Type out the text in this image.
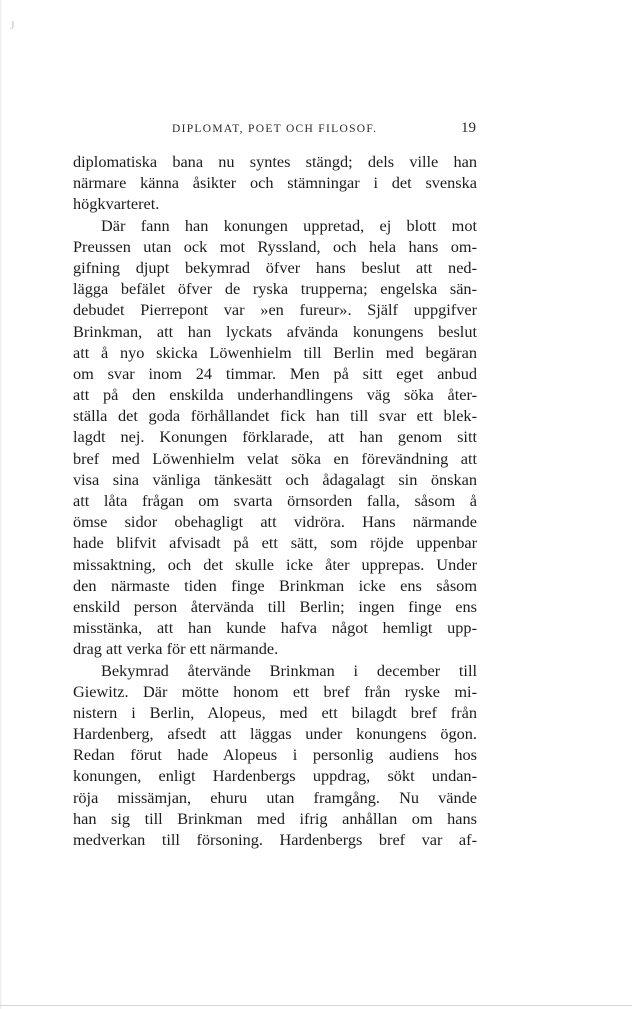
J
DIPLOMAT, POET OCH FILOSOF.	19
diplomatiska bana nu syntes stängd; dels ville han
närmare känna åsikter och stämningar i det svenska
högkvarteret.
Där fann han konungen uppretad, ej blott mot
Preussen utan ock mot Ryssland, och hela hans om-
gifning djupt bekymrad öfver hans beslut att ned-
lägga befälet öfver de ryska trupperna; engelska sän-
debudet Pierrepont var »en fureur». Själf uppgifver
Brinkman, att han lyckats afvända konungens beslut
att å nyo skicka Löwenhielm till Berlin med begäran
om svar inom 24 timmar. Men på sitt eget anbud
att på den enskilda underhandlingens väg söka åter-
ställa det goda förhållandet fick han till svar ett blek-
lagdt nej. Konungen förklarade, att han genom sitt
bref med Löwenhielm velat söka en förevändning att
visa sina vänliga tänkesätt och ådagalagt sin önskan
att låta frågan om svarta örnsorden falla, såsom å
ömse sidor obehagligt att vidröra. Hans närmande
hade blifvit afvisadt på ett sätt, som röjde uppenbar
missaktning, och det skulle icke åter upprepas. Under
den närmaste tiden finge Brinkman icke ens såsom
enskild person återvända till Berlin; ingen finge ens
misstänka, att han kunde hafva något hemligt upp-
drag att verka för ett närmande.
Bekymrad återvände Brinkman i december till
Giewitz. Där mötte honom ett bref från ryske mi-
nistern i Berlin, Alopeus, med ett bilagdt bref från
Hardenberg, afsedt att läggas under konungens ögon.
Redan förut hade Alopeus i personlig audiens hos
konungen, enligt Hardenbergs uppdrag, sökt undan-
röja missämjan, ehuru utan framgång. Nu vände
han sig till Brinkman med ifrig anhållan om hans
medverkan till försoning. Hardenbergs bref var af-
